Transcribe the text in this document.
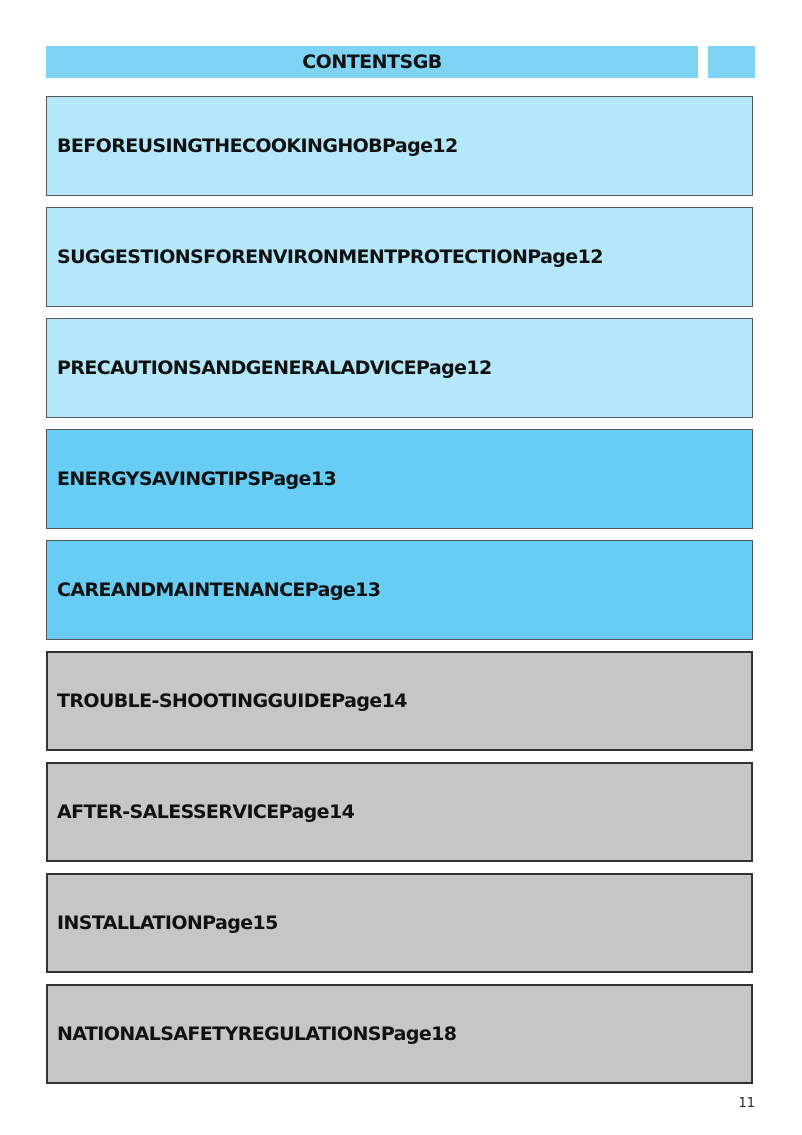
CONTENTSGB
BEFOREUSINGTHECOOKINGHOBPage12
SUGGESTIONSFORENVIRONMENTPROTECTIONPage12
PRECAUTIONSANDGENERALADVICEPage12
ENERGYSAVINGTIPSPage13
CAREANDMAINTENANCEPage13
TROUBLE-SHOOTINGGUIDEPage14
AFTER-SALESSERVICEPage14
INSTALLATIONPage15
NATIONALSAFETYREGULATIONSPage18
11
